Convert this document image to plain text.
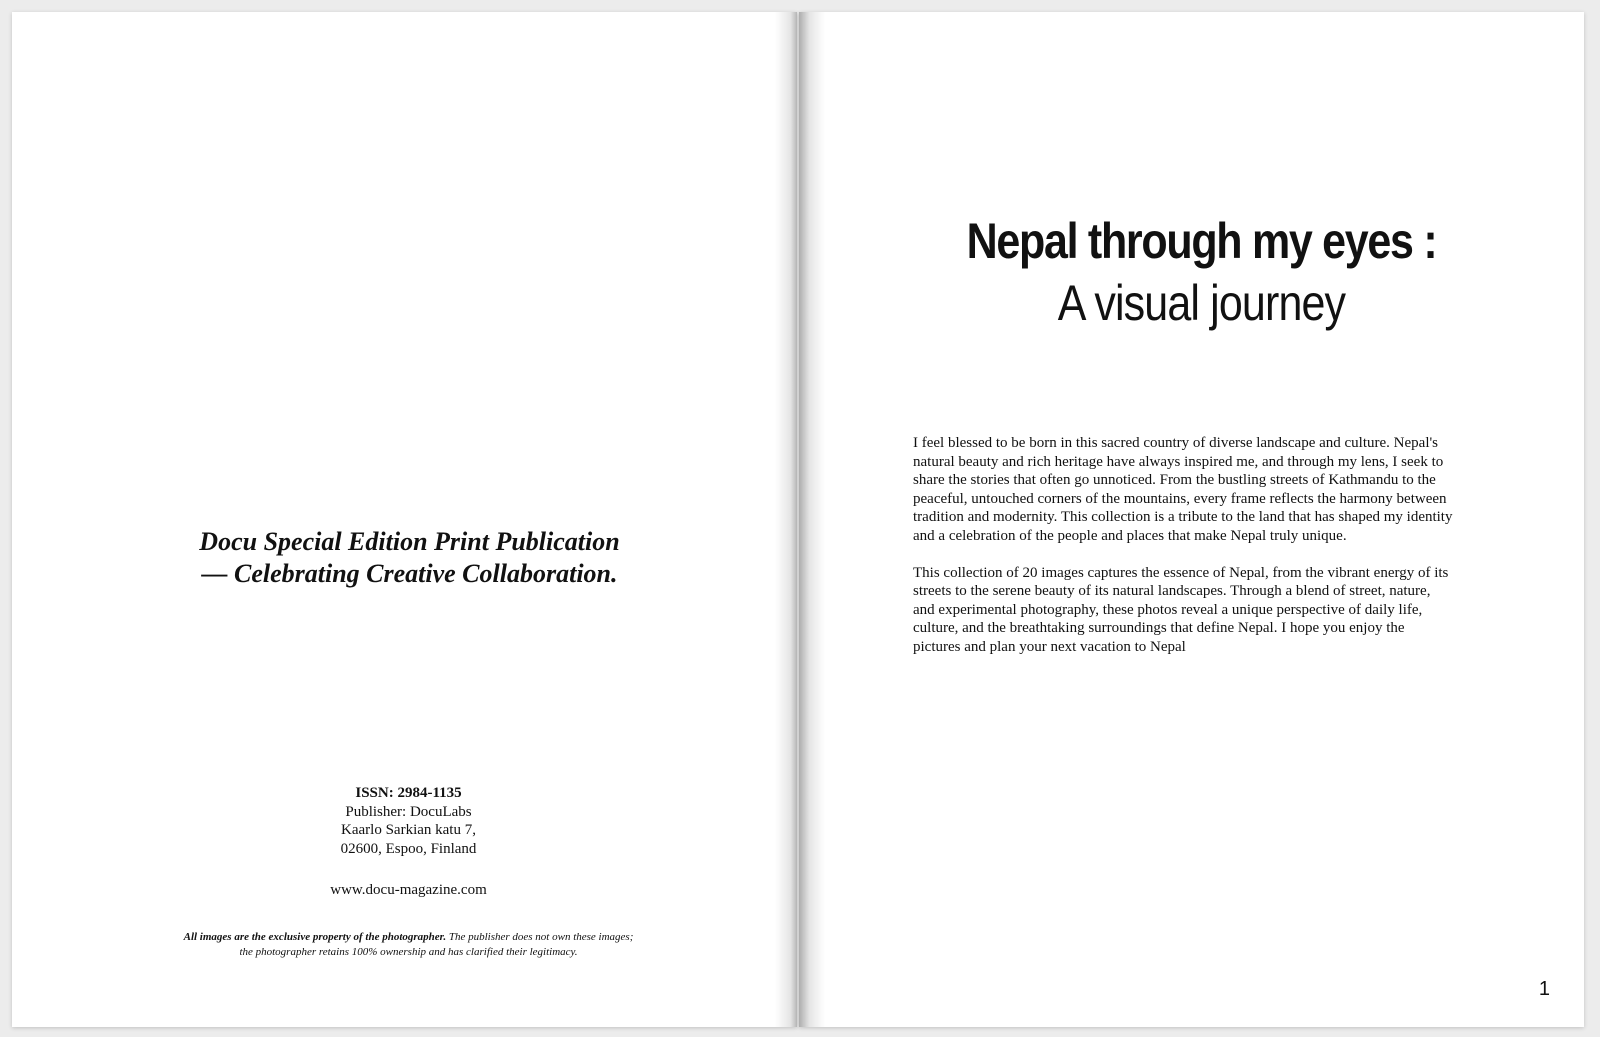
Docu Special Edition Print Publication
— Celebrating Creative Collaboration.
ISSN: 2984-1135
Publisher: DocuLabs
Kaarlo Sarkian katu 7,
02600, Espoo, Finland
www.docu-magazine.com
All images are the exclusive property of the photographer. The publisher does not own these images;
the photographer retains 100% ownership and has clarified their legitimacy.
Nepal through my eyes :
A visual journey

I feel blessed to be born in this sacred country of diverse landscape and culture. Nepal's natural beauty and rich heritage have always inspired me, and through my lens, I seek to share the stories that often go unnoticed. From the bustling streets of Kathmandu to the peaceful, untouched corners of the mountains, every frame reflects the harmony between tradition and modernity. This collection is a tribute to the land that has shaped my identity and a celebration of the people and places that make Nepal truly unique.

This collection of 20 images captures the essence of Nepal, from the vibrant energy of its streets to the serene beauty of its natural landscapes. Through a blend of street, nature, and experimental photography, these photos reveal a unique perspective of daily life, culture, and the breathtaking surroundings that define Nepal. I hope you enjoy the pictures and plan your next vacation to Nepal

1
